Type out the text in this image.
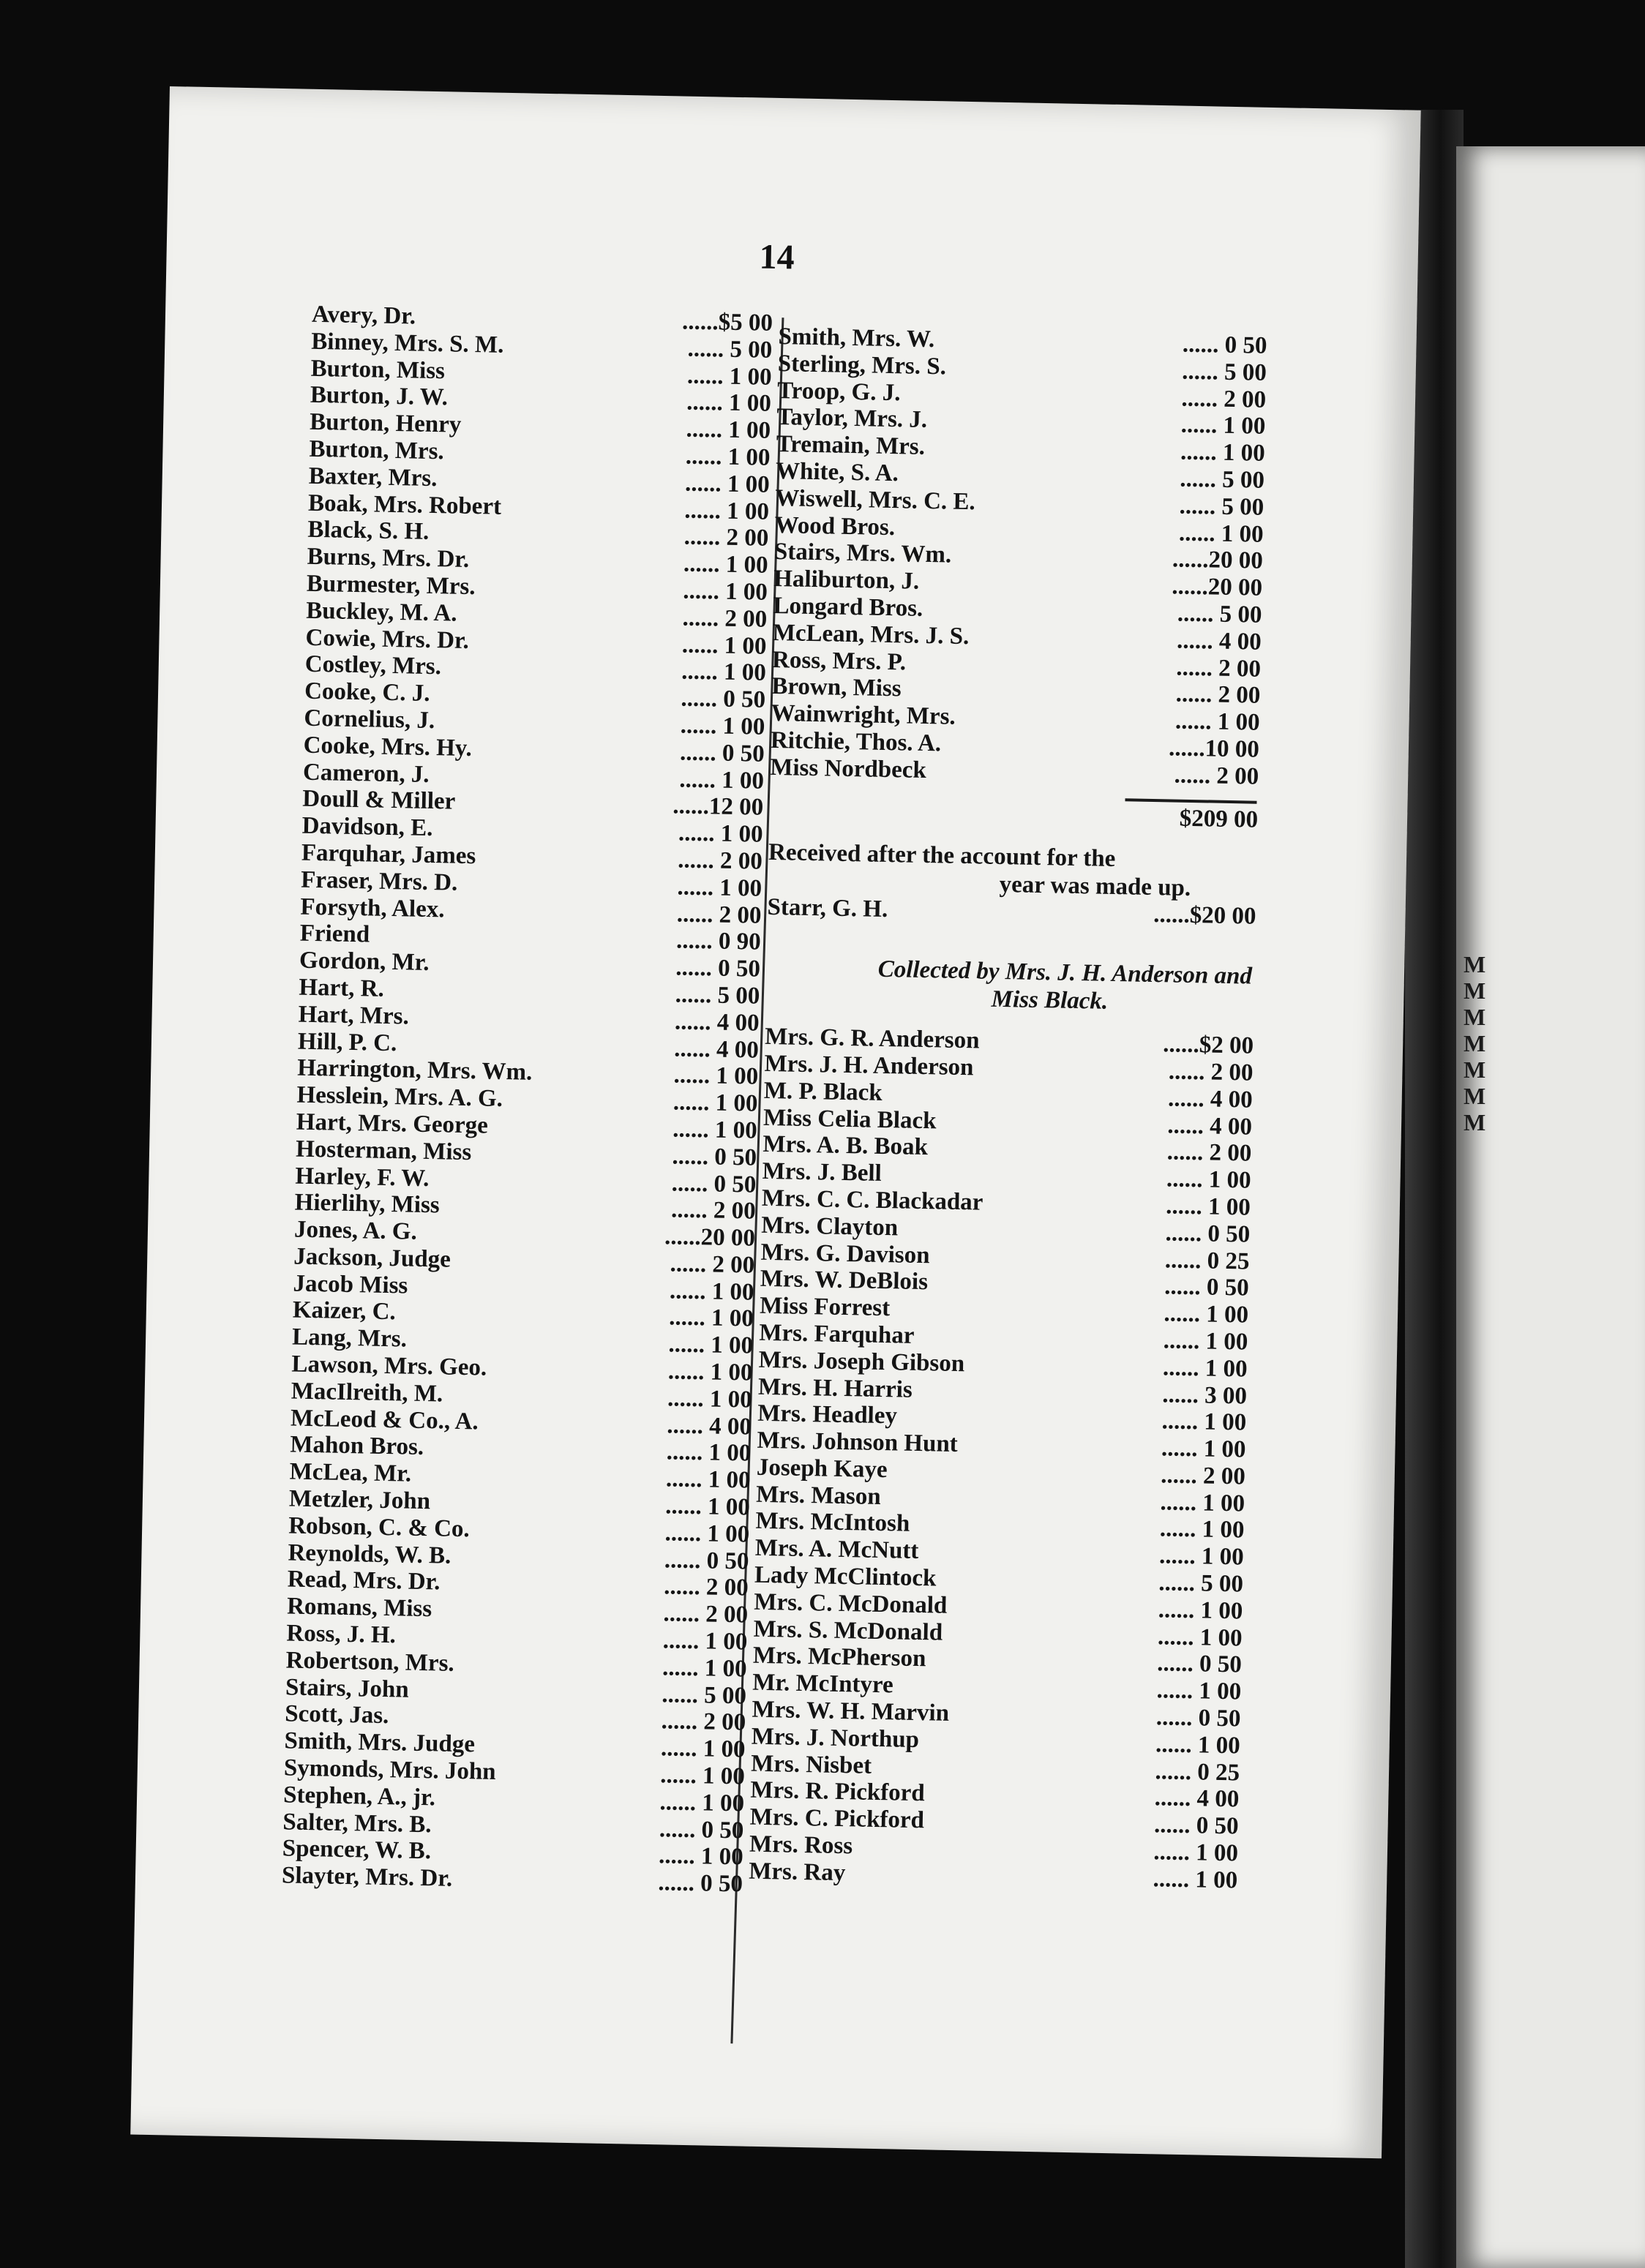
M
M
M
M
M
M
M
14
Avery, Dr.	......$5 00
Binney, Mrs. S. M.	...... 5 00
Burton, Miss	...... 1 00
Burton, J. W.	...... 1 00
Burton, Henry	...... 1 00
Burton, Mrs.	...... 1 00
Baxter, Mrs.	...... 1 00
Boak, Mrs. Robert	...... 1 00
Black, S. H.	...... 2 00
Burns, Mrs. Dr.	...... 1 00
Burmester, Mrs.	...... 1 00
Buckley, M. A.	...... 2 00
Cowie, Mrs. Dr.	...... 1 00
Costley, Mrs.	...... 1 00
Cooke, C. J.	...... 0 50
Cornelius, J.	...... 1 00
Cooke, Mrs. Hy.	...... 0 50
Cameron, J.	...... 1 00
Doull & Miller	......12 00
Davidson, E.	...... 1 00
Farquhar, James	...... 2 00
Fraser, Mrs. D.	...... 1 00
Forsyth, Alex.	...... 2 00
Friend	...... 0 90
Gordon, Mr.	...... 0 50
Hart, R.	...... 5 00
Hart, Mrs.	...... 4 00
Hill, P. C.	...... 4 00
Harrington, Mrs. Wm.	...... 1 00
Hesslein, Mrs. A. G.	...... 1 00
Hart, Mrs. George	...... 1 00
Hosterman, Miss	...... 0 50
Harley, F. W.	...... 0 50
Hierlihy, Miss	...... 2 00
Jones, A. G.	......20 00
Jackson, Judge	...... 2 00
Jacob Miss	...... 1 00
Kaizer, C.	...... 1 00
Lang, Mrs.	...... 1 00
Lawson, Mrs. Geo.	...... 1 00
MacIlreith, M.	...... 1 00
McLeod & Co., A.	...... 4 00
Mahon Bros.	...... 1 00
McLea, Mr.	...... 1 00
Metzler, John	...... 1 00
Robson, C. & Co.	...... 1 00
Reynolds, W. B.	...... 0 50
Read, Mrs. Dr.	...... 2 00
Romans, Miss	...... 2 00
Ross, J. H.	...... 1 00
Robertson, Mrs.	...... 1 00
Stairs, John	...... 5 00
Scott, Jas.	...... 2 00
Smith, Mrs. Judge	...... 1 00
Symonds, Mrs. John	...... 1 00
Stephen, A., jr.	...... 1 00
Salter, Mrs. B.	...... 0 50
Spencer, W. B.	...... 1 00
Slayter, Mrs. Dr.	...... 0 50
Smith, Mrs. W.	...... 0 50
Sterling, Mrs. S.	...... 5 00
Troop, G. J.	...... 2 00
Taylor, Mrs. J.	...... 1 00
Tremain, Mrs.	...... 1 00
White, S. A.	...... 5 00
Wiswell, Mrs. C. E.	...... 5 00
Wood Bros.	...... 1 00
Stairs, Mrs. Wm.	......20 00
Haliburton, J.	......20 00
Longard Bros.	...... 5 00
McLean, Mrs. J. S.	...... 4 00
Ross, Mrs. P.	...... 2 00
Brown, Miss	...... 2 00
Wainwright, Mrs.	...... 1 00
Ritchie, Thos. A.	......10 00
Miss Nordbeck	...... 2 00
$209 00
Received after the account for the
year was made up.
Starr, G. H.	......$20 00
Collected by Mrs. J. H. Anderson and
Miss Black.
Mrs. G. R. Anderson	......$2 00
Mrs. J. H. Anderson	...... 2 00
M. P. Black	...... 4 00
Miss Celia Black	...... 4 00
Mrs. A. B. Boak	...... 2 00
Mrs. J. Bell	...... 1 00
Mrs. C. C. Blackadar	...... 1 00
Mrs. Clayton	...... 0 50
Mrs. G. Davison	...... 0 25
Mrs. W. DeBlois	...... 0 50
Miss Forrest	...... 1 00
Mrs. Farquhar	...... 1 00
Mrs. Joseph Gibson	...... 1 00
Mrs. H. Harris	...... 3 00
Mrs. Headley	...... 1 00
Mrs. Johnson Hunt	...... 1 00
Joseph Kaye	...... 2 00
Mrs. Mason	...... 1 00
Mrs. McIntosh	...... 1 00
Mrs. A. McNutt	...... 1 00
Lady McClintock	...... 5 00
Mrs. C. McDonald	...... 1 00
Mrs. S. McDonald	...... 1 00
Mrs. McPherson	...... 0 50
Mr. McIntyre	...... 1 00
Mrs. W. H. Marvin	...... 0 50
Mrs. J. Northup	...... 1 00
Mrs. Nisbet	...... 0 25
Mrs. R. Pickford	...... 4 00
Mrs. C. Pickford	...... 0 50
Mrs. Ross	...... 1 00
Mrs. Ray	...... 1 00
